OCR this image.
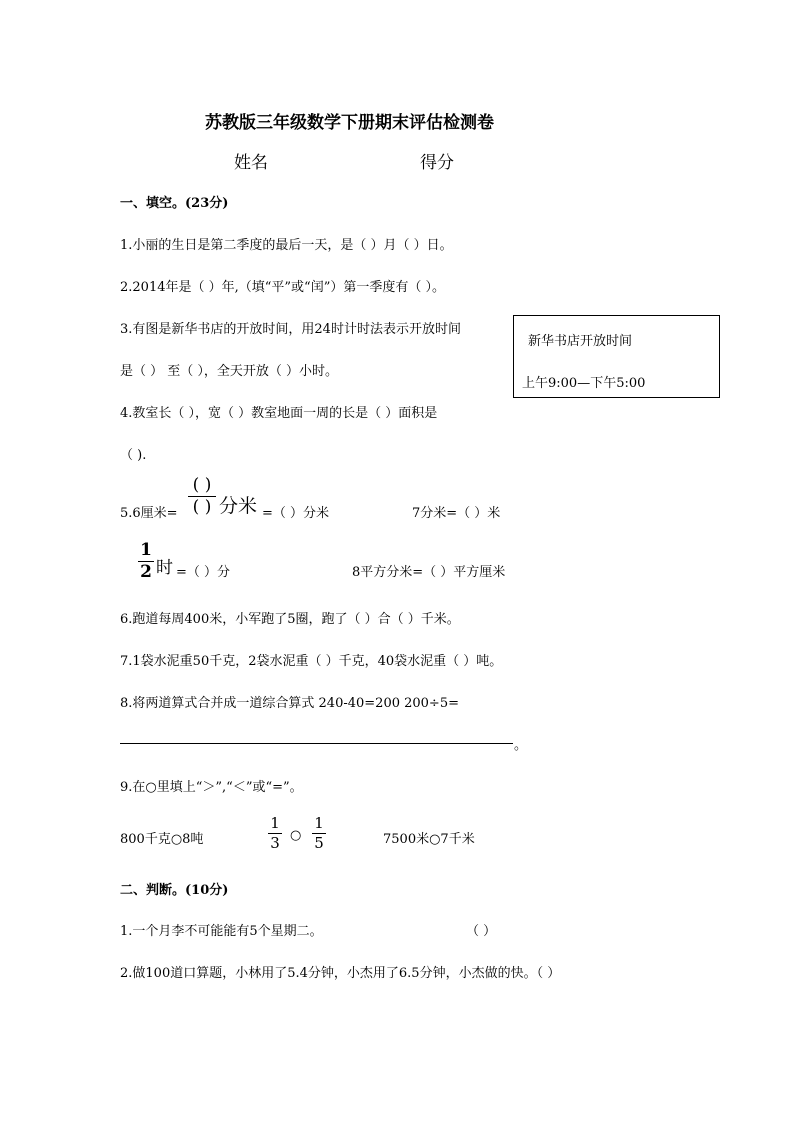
苏教版三年级数学下册期末评估检测卷
姓名	得分
一、填空。(23分)
1.小丽的生日是第二季度的最后一天，是（ ）月（ ）日。
2.2014年是（ ）年,（填“平”或“闰”）第一季度有（ ）。
3.有图是新华书店的开放时间，用24时计时法表示开放时间
是（ ） 至（ ），全天开放（ ）小时。
新华书店开放时间
上午9:00—下午5:00
4.教室长（ ），宽（ ）教室地面一周的长是（ ）面积是
（ ).
5.6厘米=
( )
( ) 分米 =（ ）分米	7分米=（ ）米
1
2 时 =（ ）分	8平方分米=（ ）平方厘米
6.跑道每周400米，小军跑了5圈，跑了（ ）合（ ）千米。
7.1袋水泥重50千克，2袋水泥重（ ）千克，40袋水泥重（ ）吨。
8.将两道算式合并成一道综合算式 240-40=200 200÷5=
。
9.在○里填上“＞”,“＜”或“=”。
800千克○8吨
1
3 ○
1
5	7500米○7千米
二、判断。(10分)
1.一个月李不可能能有5个星期二。	（ ）
2.做100道口算题，小林用了5.4分钟，小杰用了6.5分钟，小杰做的快。（ ）
